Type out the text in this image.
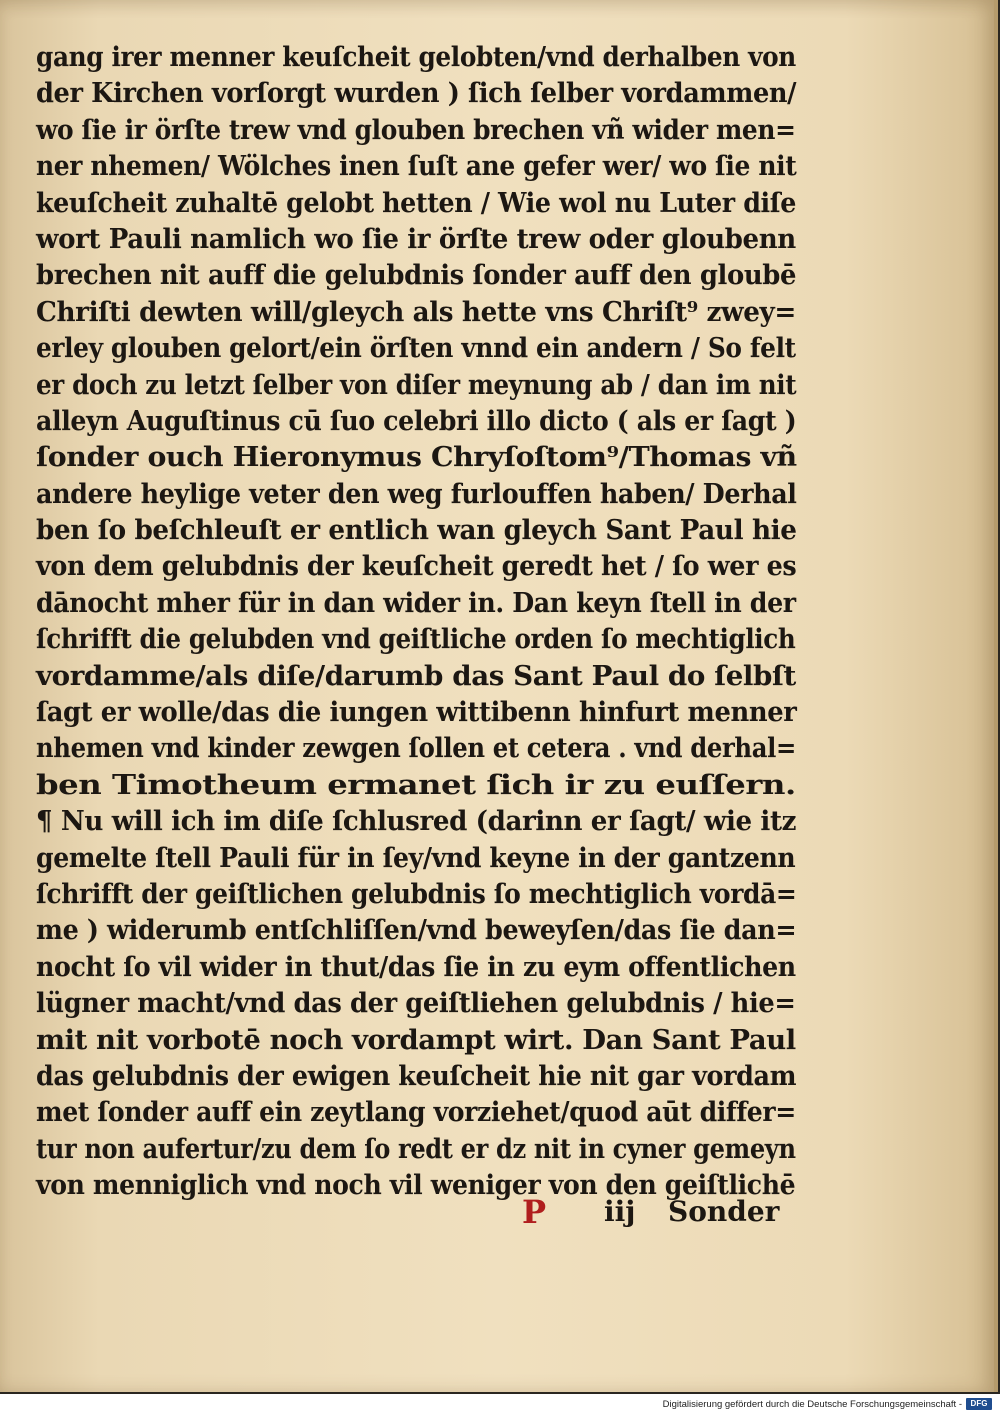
gang irer menner keuſcheit gelobten/vnd derhalben von
der Kirchen vorſorgt wurden ) ſich ſelber vordammen/
wo ſie ir örſte trew vnd glouben brechen vñ wider men=
ner nhemen/ Wölches inen ſuſt ane gefer wer/ wo ſie nit
keuſcheit zuhaltē gelobt hetten / Wie wol nu Luter diſe
wort Pauli namlich wo ſie ir örſte trew oder gloubenn
brechen nit auff die gelubdnis ſonder auff den gloubē
Chriſti dewten will/gleych als hette vns Chriſt⁹ zwey=
erley glouben gelort/ein örſten vnnd ein andern / So felt
er doch zu letzt ſelber von diſer meynung ab / dan im nit
alleyn Auguſtinus cū ſuo celebri illo dicto ( als er ſagt )
ſonder ouch Hieronymus Chryſoſtom⁹/Thomas vñ
andere heylige veter den weg furlouffen haben/ Derhal
ben ſo beſchleuſt er entlich wan gleych Sant Paul hie
von dem gelubdnis der keuſcheit geredt het / ſo wer es
dānocht mher für in dan wider in. Dan keyn ſtell in der
ſchrifft die gelubden vnd geiſtliche orden ſo mechtiglich
vordamme/als diſe/darumb das Sant Paul do ſelbſt
ſagt er wolle/das die iungen wittibenn hinfurt menner
nhemen vnd kinder zewgen ſollen et cetera . vnd derhal=
ben Timotheum ermanet ſich ir zu euſſern.
¶ Nu will ich im diſe ſchlusred (darinn er ſagt/ wie itz
gemelte ſtell Pauli für in ſey/vnd keyne in der gantzenn
ſchrifft der geiſtlichen gelubdnis ſo mechtiglich vordā=
me ) widerumb entſchliſſen/vnd beweyſen/das ſie dan=
nocht ſo vil wider in thut/das ſie in zu eym offentlichen
lügner macht/vnd das der geiſtliehen gelubdnis / hie=
mit nit vorbotē noch vordampt wirt. Dan Sant Paul
das gelubdnis der ewigen keuſcheit hie nit gar vordam
met ſonder auff ein zeytlang vorziehet/quod aūt differ=
tur non aufertur/zu dem ſo redt er dz nit in cyner gemeyn
von menniglich vnd noch vil weniger von den geiſtlichē
P iij Sonder
Digitalisierung gefördert durch die Deutsche Forschungsgemeinschaft -	DFG
